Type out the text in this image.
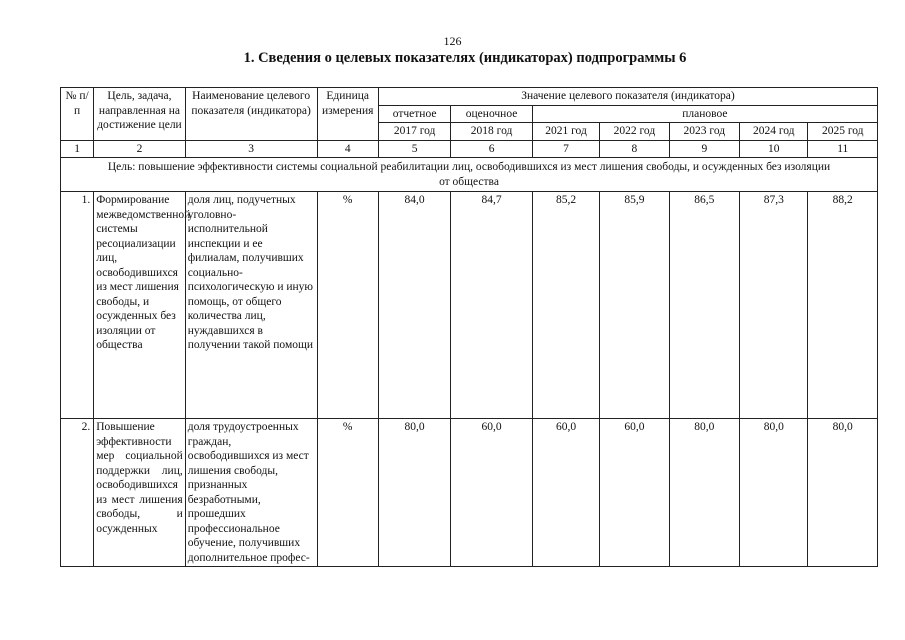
126
1. Сведения о целевых показателях (индикаторах) подпрограммы 6
№ п/п	Цель, задача, направленная на достижение цели	Наименование целевого показателя (индикатора)	Единица измерения	Значение целевого показателя (индикатора)						
				отчетное	оценочное	плановое				
				2017 год	2018 год	2021 год	2022 год	2023 год	2024 год	2025 год
1	2	3	4	5	6	7	8	9	10	11

Цель: повышение эффективности системы социальной реабилитации лиц, освободившихся из мест лишения свободы, и осужденных без изоляции
от общества										

1.	Формирование межведомственной системы ресоциализации лиц, освободившихся из мест лишения свободы, и осужденных без изоляции от общества	доля лиц, подучетных уголовно-исполнительной инспекции и ее филиалам, получивших социально-психологическую и иную помощь, от общего количества лиц, нуждавшихся в получении такой помощи	%	84,0	84,7	85,2	85,9	86,5	87,3	88,2
2.	Повышение эффективности мер социальной поддержки лиц, освободившихся из мест лишения свободы, и осужденных	доля трудоустроенных граждан, освободившихся из мест лишения свободы, признанных безработными, прошедших профессиональное обучение, получивших дополнительное профес-	%	80,0	60,0	60,0	60,0	80,0	80,0	80,0
